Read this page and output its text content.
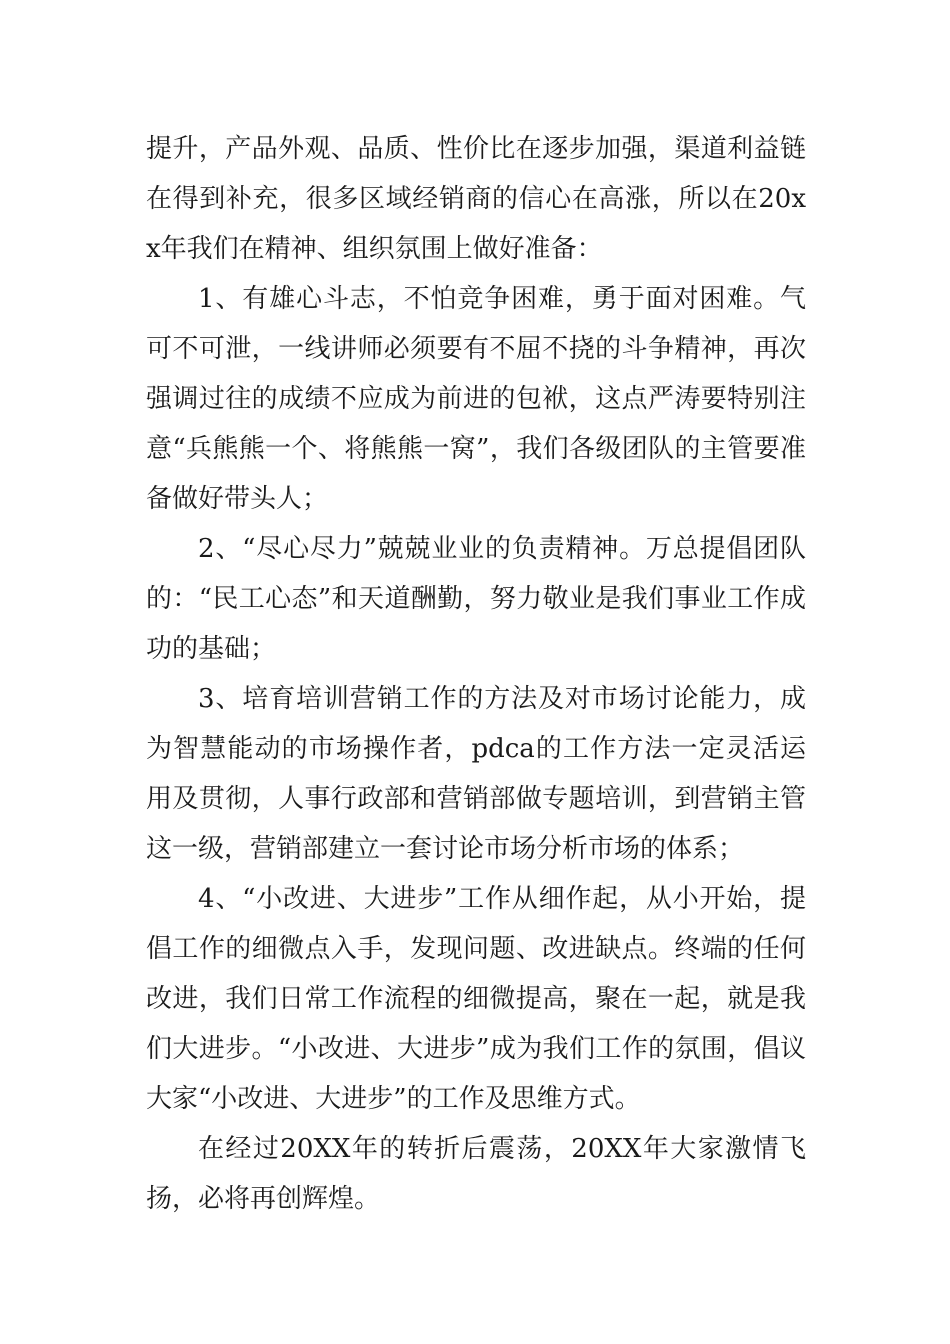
提升，产品外观、品质、性价比在逐步加强，渠道利益链在得到补充，很多区域经销商的信心在高涨，所以在20xx年我们在精神、组织氛围上做好准备：

1、有雄心斗志，不怕竞争困难，勇于面对困难。气可不可泄，一线讲师必须要有不屈不挠的斗争精神，再次强调过往的成绩不应成为前进的包袱，这点严涛要特别注意“兵熊熊一个、将熊熊一窝”，我们各级团队的主管要准备做好带头人；

2、“尽心尽力”兢兢业业的负责精神。万总提倡团队的：“民工心态”和天道酬勤，努力敬业是我们事业工作成功的基础；

3、培育培训营销工作的方法及对市场讨论能力，成为智慧能动的市场操作者，pdca的工作方法一定灵活运用及贯彻，人事行政部和营销部做专题培训，到营销主管这一级，营销部建立一套讨论市场分析市场的体系；

4、“小改进、大进步”工作从细作起，从小开始，提倡工作的细微点入手，发现问题、改进缺点。终端的任何改进，我们日常工作流程的细微提高，聚在一起，就是我们大进步。“小改进、大进步”成为我们工作的氛围，倡议大家“小改进、大进步”的工作及思维方式。

在经过20XX年的转折后震荡，20XX年大家激情飞扬，必将再创辉煌。
